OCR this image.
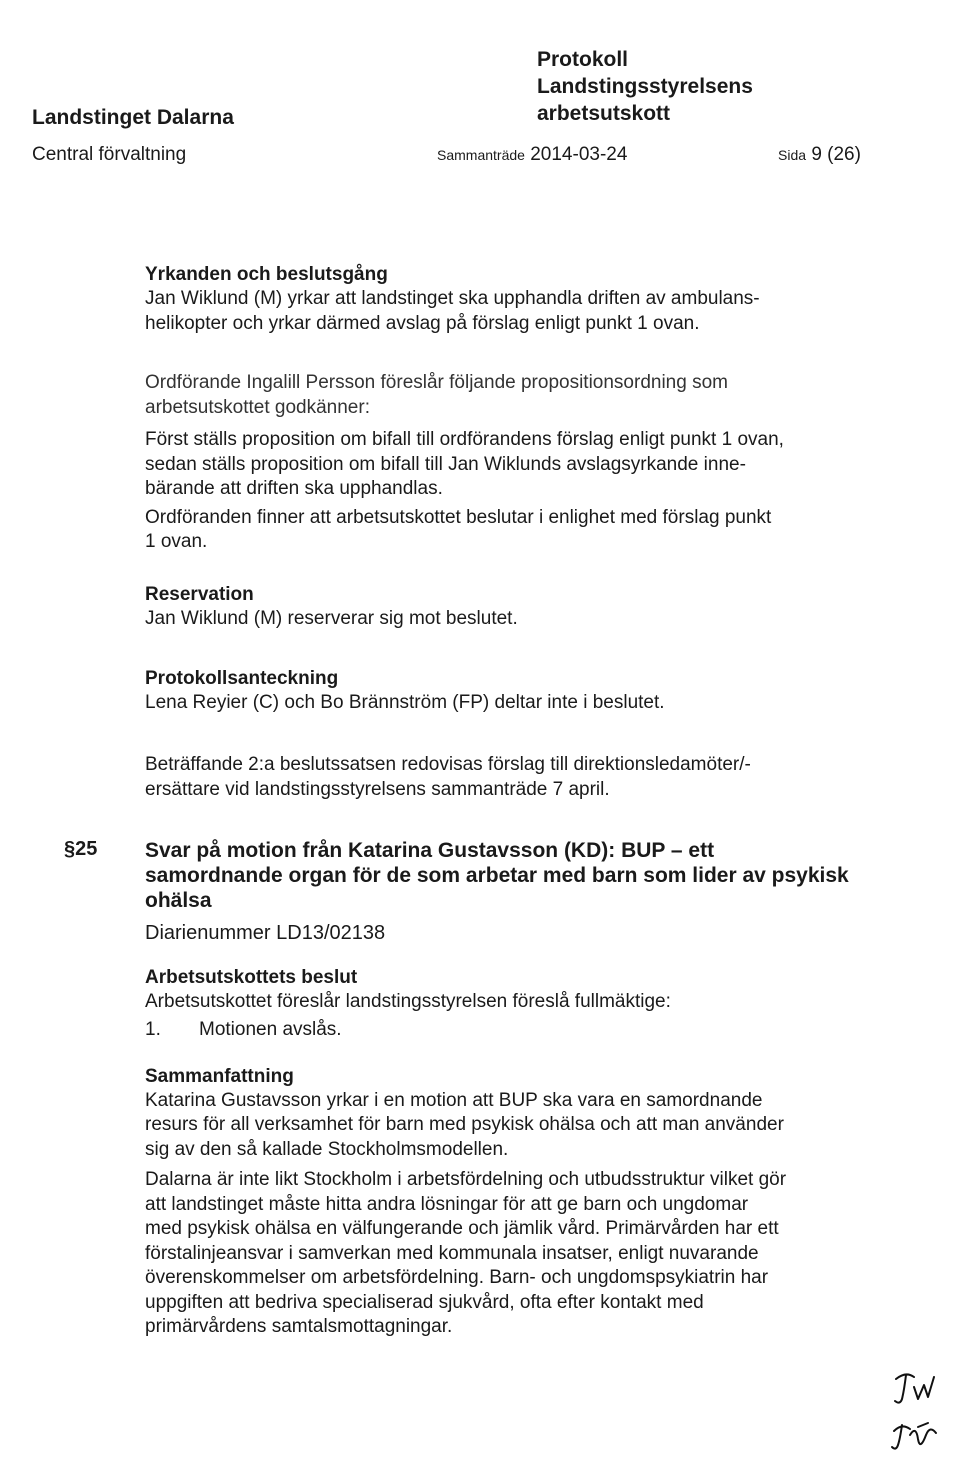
Protokoll
Landstingsstyrelsens
arbetsutskott
Landstinget Dalarna
Central förvaltning	Sammanträde 2014-03-24	Sida 9 (26)
Yrkanden och beslutsgång

Jan Wiklund (M) yrkar att landstinget ska upphandla driften av ambulans-

helikopter och yrkar därmed avslag på förslag enligt punkt 1 ovan.

Ordförande Ingalill Persson föreslår följande propositionsordning som

arbetsutskottet godkänner:

Först ställs proposition om bifall till ordförandens förslag enligt punkt 1 ovan,

sedan ställs proposition om bifall till Jan Wiklunds avslagsyrkande inne-

bärande att driften ska upphandlas.

Ordföranden finner att arbetsutskottet beslutar i enlighet med förslag punkt

1 ovan.

Reservation

Jan Wiklund (M) reserverar sig mot beslutet.

Protokollsanteckning

Lena Reyier (C) och Bo Brännström (FP) deltar inte i beslutet.

Beträffande 2:a beslutssatsen redovisas förslag till direktionsledamöter/-

ersättare vid landstingsstyrelsens sammanträde 7 april.

§25 Svar på motion från Katarina Gustavsson (KD): BUP – ett
samordnande organ för de som arbetar med barn som lider av psykisk
ohälsa

Diarienummer LD13/02138

Arbetsutskottets beslut

Arbetsutskottet föreslår landstingsstyrelsen föreslå fullmäktige:

1. Motionen avslås.

Sammanfattning

Katarina Gustavsson yrkar i en motion att BUP ska vara en samordnande

resurs för all verksamhet för barn med psykisk ohälsa och att man använder

sig av den så kallade Stockholmsmodellen.

Dalarna är inte likt Stockholm i arbetsfördelning och utbudsstruktur vilket gör

att landstinget måste hitta andra lösningar för att ge barn och ungdomar

med psykisk ohälsa en välfungerande och jämlik vård. Primärvården har ett

förstalinjeansvar i samverkan med kommunala insatser, enligt nuvarande

överenskommelser om arbetsfördelning. Barn- och ungdomspsykiatrin har

uppgiften att bedriva specialiserad sjukvård, ofta efter kontakt med

primärvårdens samtalsmottagningar.
